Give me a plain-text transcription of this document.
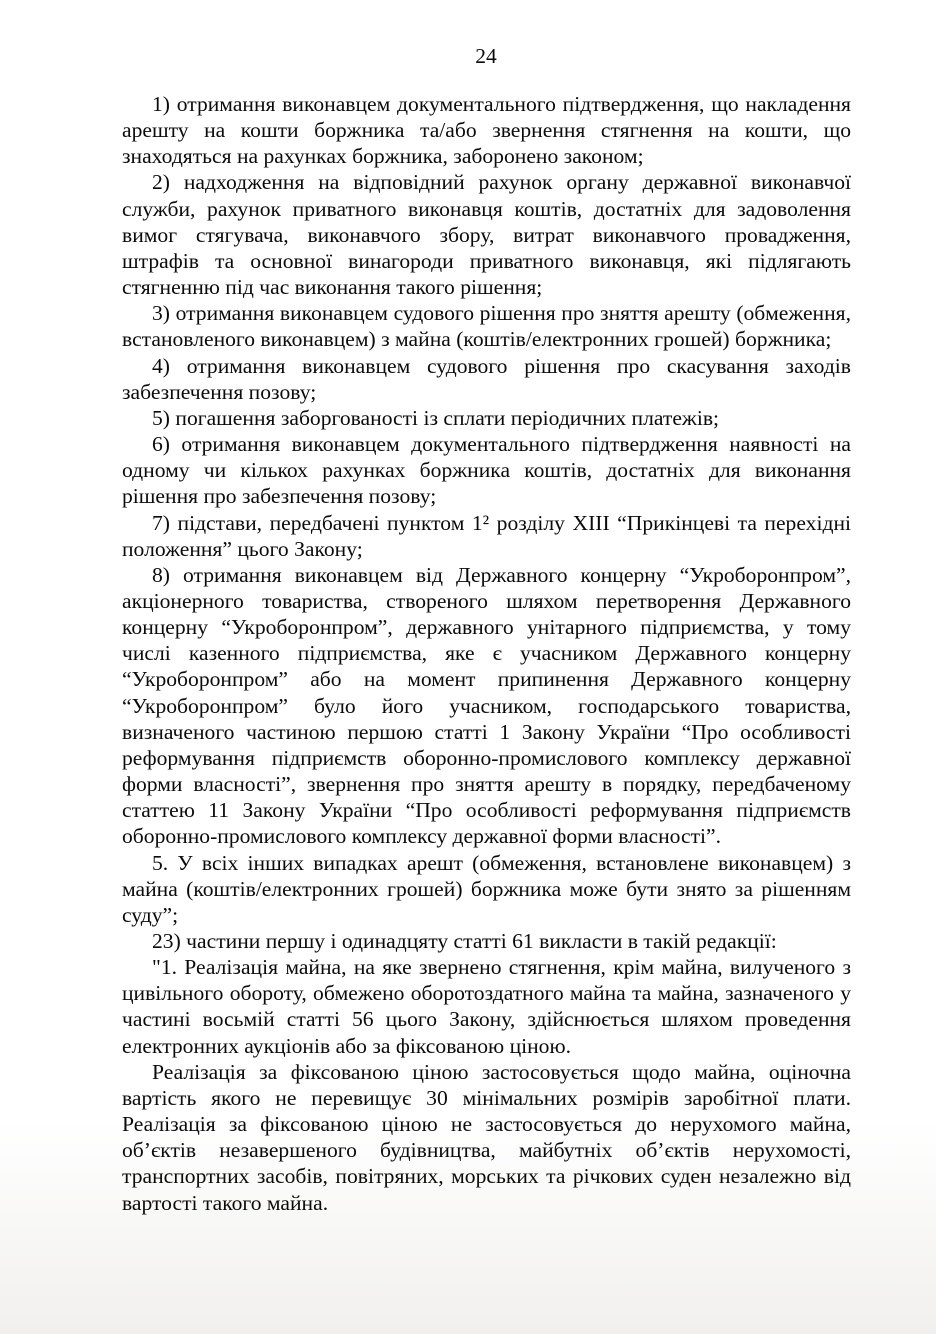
24

1) отримання виконавцем документального підтвердження, що накладення арешту на кошти боржника та/або звернення стягнення на кошти, що знаходяться на рахунках боржника, заборонено законом;

2) надходження на відповідний рахунок органу державної виконавчої служби, рахунок приватного виконавця коштів, достатніх для задоволення вимог стягувача, виконавчого збору, витрат виконавчого провадження, штрафів та основної винагороди приватного виконавця, які підлягають стягненню під час виконання такого рішення;

3) отримання виконавцем судового рішення про зняття арешту (обмеження, встановленого виконавцем) з майна (коштів/електронних грошей) боржника;

4) отримання виконавцем судового рішення про скасування заходів забезпечення позову;

5) погашення заборгованості із сплати періодичних платежів;

6) отримання виконавцем документального підтвердження наявності на одному чи кількох рахунках боржника коштів, достатніх для виконання рішення про забезпечення позову;

7) підстави, передбачені пунктом 1² розділу XIII “Прикінцеві та перехідні положення” цього Закону;

8) отримання виконавцем від Державного концерну “Укроборонпром”, акціонерного товариства, створеного шляхом перетворення Державного концерну “Укроборонпром”, державного унітарного підприємства, у тому числі казенного підприємства, яке є учасником Державного концерну “Укроборонпром” або на момент припинення Державного концерну “Укроборонпром” було його учасником, господарського товариства, визначеного частиною першою статті 1 Закону України “Про особливості реформування підприємств оборонно-промислового комплексу державної форми власності”, звернення про зняття арешту в порядку, передбаченому статтею 11 Закону України “Про особливості реформування підприємств оборонно-промислового комплексу державної форми власності”.

5. У всіх інших випадках арешт (обмеження, встановлене виконавцем) з майна (коштів/електронних грошей) боржника може бути знято за рішенням суду”;

23) частини першу і одинадцяту статті 61 викласти в такій редакції:

"1. Реалізація майна, на яке звернено стягнення, крім майна, вилученого з цивільного обороту, обмежено оборотоздатного майна та майна, зазначеного у частині восьмій статті 56 цього Закону, здійснюється шляхом проведення електронних аукціонів або за фіксованою ціною.

Реалізація за фіксованою ціною застосовується щодо майна, оціночна вартість якого не перевищує 30 мінімальних розмірів заробітної плати. Реалізація за фіксованою ціною не застосовується до нерухомого майна, об’єктів незавершеного будівництва, майбутніх об’єктів нерухомості, транспортних засобів, повітряних, морських та річкових суден незалежно від вартості такого майна.
